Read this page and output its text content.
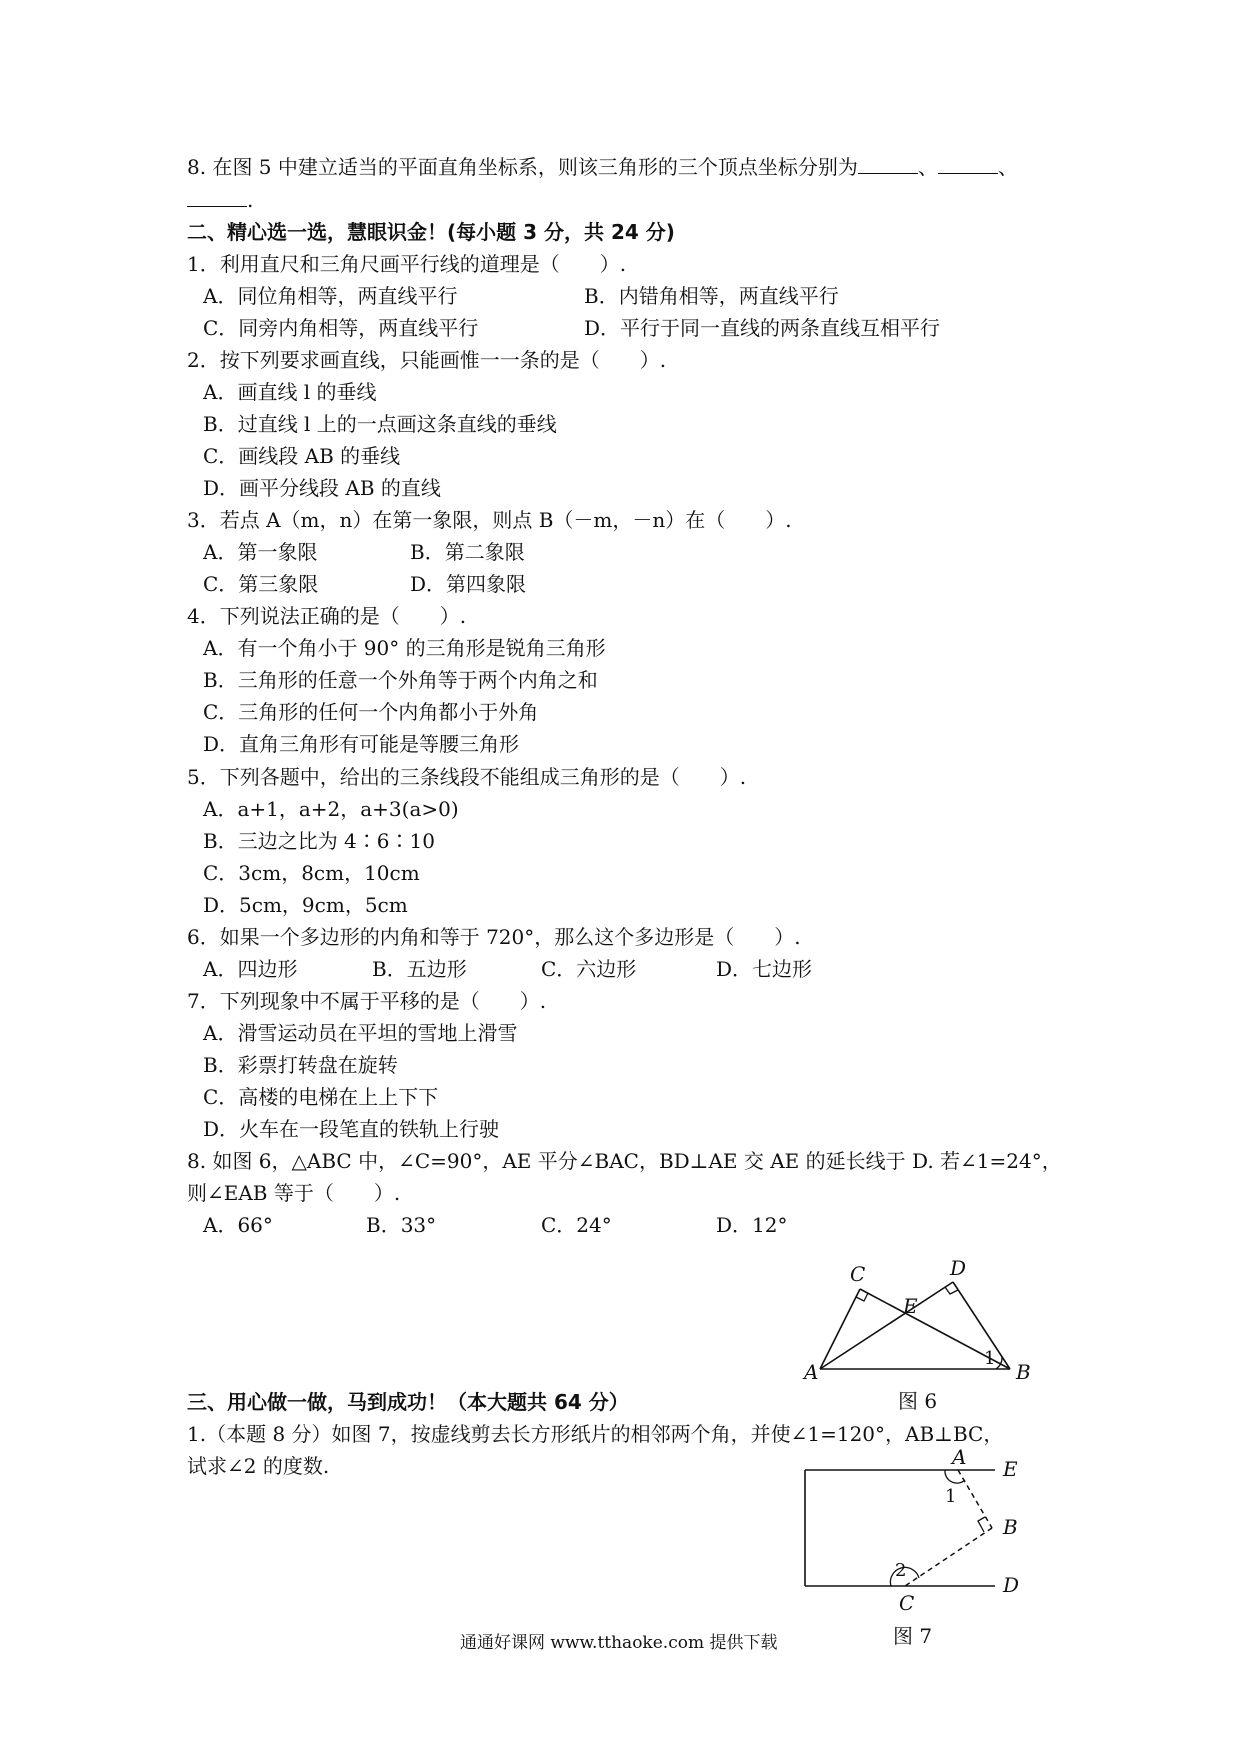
8. 在图 5 中建立适当的平面直角坐标系，则该三角形的三个顶点坐标分别为	、	、
.
二、精心选一选，慧眼识金！(每小题 3 分，共 24 分)
1．利用直尺和三角尺画平行线的道理是（　　）.
A．同位角相等，两直线平行	B．内错角相等，两直线平行
C．同旁内角相等，两直线平行	D．平行于同一直线的两条直线互相平行
2．按下列要求画直线，只能画惟一一条的是（　　）.
A．画直线 l 的垂线
B．过直线 l 上的一点画这条直线的垂线
C．画线段 AB 的垂线
D．画平分线段 AB 的直线
3．若点 A（m，n）在第一象限，则点 B（－m，－n）在（　　）.
A．第一象限	B．第二象限
C．第三象限	D．第四象限
4．下列说法正确的是（　　）.
A．有一个角小于 90° 的三角形是锐角三角形
B．三角形的任意一个外角等于两个内角之和
C．三角形的任何一个内角都小于外角
D．直角三角形有可能是等腰三角形
5．下列各题中，给出的三条线段不能组成三角形的是（　　）.
A．a+1，a+2，a+3(a>0)
B．三边之比为 4∶6∶10
C．3cm，8cm，10cm
D．5cm，9cm，5cm
6．如果一个多边形的内角和等于 720°，那么这个多边形是（　　）.
A．四边形	B．五边形	C．六边形	D．七边形
7．下列现象中不属于平移的是（　　）.
A．滑雪运动员在平坦的雪地上滑雪
B．彩票打转盘在旋转
C．高楼的电梯在上上下下
D．火车在一段笔直的铁轨上行驶
8. 如图 6，△ABC 中，∠C=90°，AE 平分∠BAC，BD⊥AE 交 AE 的延长线于 D. 若∠1=24°，
则∠EAB 等于（　　）.
A．66°	B．33°	C．24°	D．12°
A	B
C	D
E
1
图 6
三、用心做一做，马到成功！（本大题共 64 分）
1.（本题 8 分）如图 7，按虚线剪去长方形纸片的相邻两个角，并使∠1=120°，AB⊥BC，
试求∠2 的度数.	A E
B
C
D
1
2
图 7
通通好课网 www.tthaoke.com 提供下载
